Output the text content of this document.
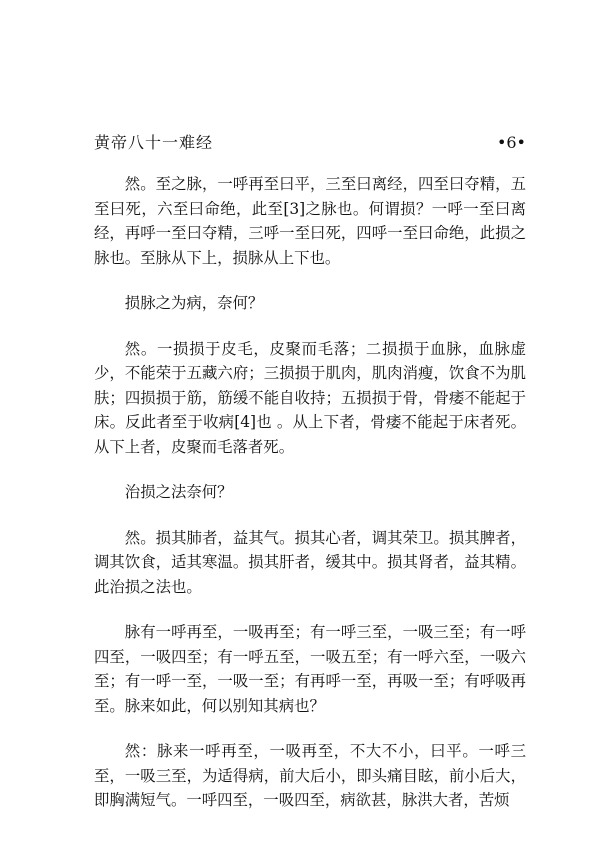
黄帝八十一难经	•6•

然。至之脉，一呼再至曰平，三至曰离经，四至曰夺精，五至曰死，六至曰命绝，此至[3]之脉也。何谓损？一呼一至曰离经，再呼一至曰夺精，三呼一至曰死，四呼一至曰命绝，此损之脉也。至脉从下上，损脉从上下也。

损脉之为病，奈何？

然。一损损于皮毛，皮聚而毛落；二损损于血脉，血脉虚少，不能荣于五藏六府；三损损于肌肉，肌肉消瘦，饮食不为肌肤；四损损于筋，筋缓不能自收持；五损损于骨，骨痿不能起于床。反此者至于收病[4]也 。从上下者，骨痿不能起于床者死。从下上者，皮聚而毛落者死。

治损之法奈何？

然。损其肺者，益其气。损其心者，调其荣卫。损其脾者，调其饮食，适其寒温。损其肝者，缓其中。损其肾者，益其精。此治损之法也。

脉有一呼再至，一吸再至；有一呼三至，一吸三至；有一呼四至，一吸四至；有一呼五至，一吸五至；有一呼六至，一吸六至；有一呼一至，一吸一至；有再呼一至，再吸一至；有呼吸再至。脉来如此，何以别知其病也？

然：脉来一呼再至，一吸再至，不大不小，曰平。一呼三至，一吸三至，为适得病，前大后小，即头痛目眩，前小后大，即胸满短气。一呼四至，一吸四至，病欲甚，脉洪大者，苦烦
